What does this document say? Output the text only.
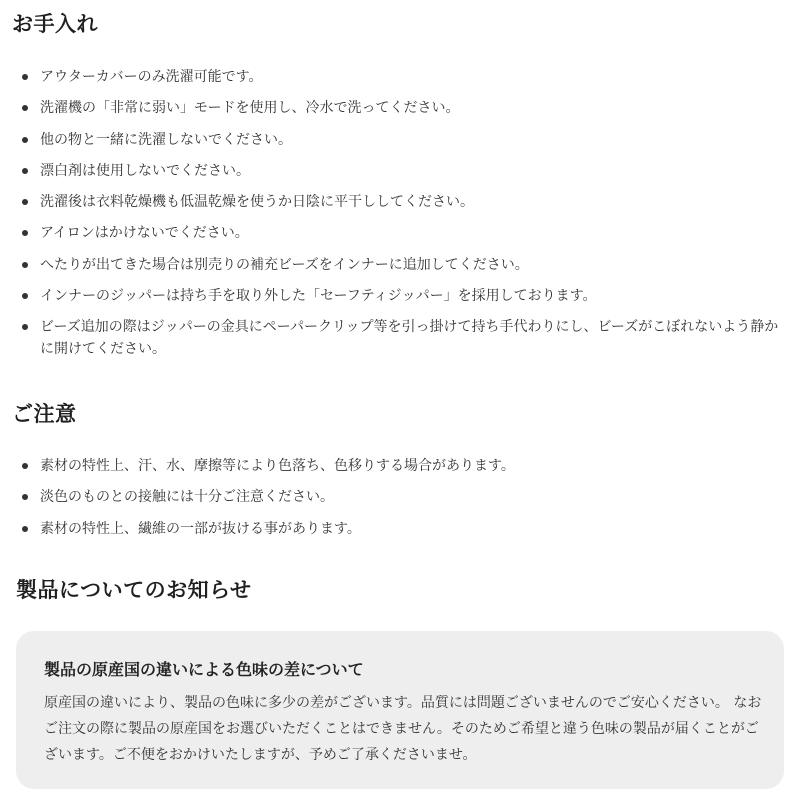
お手入れ
アウターカバーのみ洗濯可能です。
洗濯機の「非常に弱い」モードを使用し、冷水で洗ってください。
他の物と一緒に洗濯しないでください。
漂白剤は使用しないでください。
洗濯後は衣料乾燥機も低温乾燥を使うか日陰に平干ししてください。
アイロンはかけないでください。
へたりが出てきた場合は別売りの補充ビーズをインナーに追加してください。
インナーのジッパーは持ち手を取り外した「セーフティジッパー」を採用しております。
ビーズ追加の際はジッパーの金具にペーパークリップ等を引っ掛けて持ち手代わりにし、ビーズがこぼれないよう静かに開けてください。
ご注意
素材の特性上、汗、水、摩擦等により色落ち、色移りする場合があります。
淡色のものとの接触には十分ご注意ください。
素材の特性上、繊維の一部が抜ける事があります。
製品についてのお知らせ
製品の原産国の違いによる色味の差について

原産国の違いにより、製品の色味に多少の差がございます。品質には問題ございませんのでご安心ください。 なおご注文の際に製品の原産国をお選びいただくことはできません。そのためご希望と違う色味の製品が届くことがございます。ご不便をおかけいたしますが、予めご了承くださいませ。
